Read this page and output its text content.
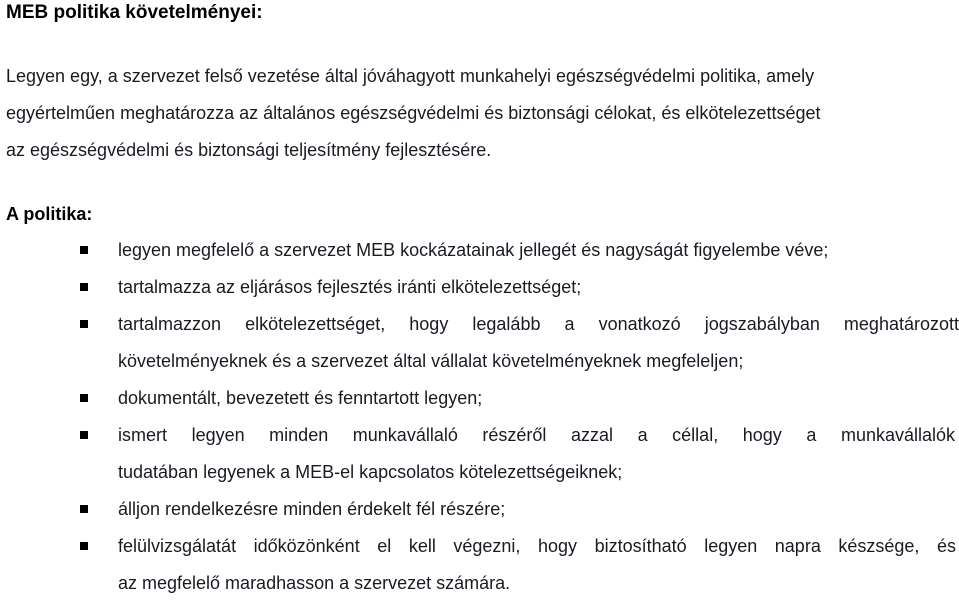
MEB politika követelményei:
Legyen egy, a szervezet felső vezetése által jóváhagyott munkahelyi egészségvédelmi politika, amely
egyértelműen meghatározza az általános egészségvédelmi és biztonsági célokat, és elkötelezettséget
az egészségvédelmi és biztonsági teljesítmény fejlesztésére.
A politika:
legyen megfelelő a szervezet MEB kockázatainak jellegét és nagyságát figyelembe véve;
tartalmazza az eljárásos fejlesztés iránti elkötelezettséget;
tartalmazzon elkötelezettséget, hogy legalább a vonatkozó jogszabályban meghatározott
követelményeknek és a szervezet által vállalat követelményeknek megfeleljen;
dokumentált, bevezetett és fenntartott legyen;
ismert legyen minden munkavállaló részéről azzal a céllal, hogy a munkavállalók
tudatában legyenek a MEB-el kapcsolatos kötelezettségeiknek;
álljon rendelkezésre minden érdekelt fél részére;
felülvizsgálatát időközönként el kell végezni, hogy biztosítható legyen napra készsége, és
az megfelelő maradhasson a szervezet számára.
